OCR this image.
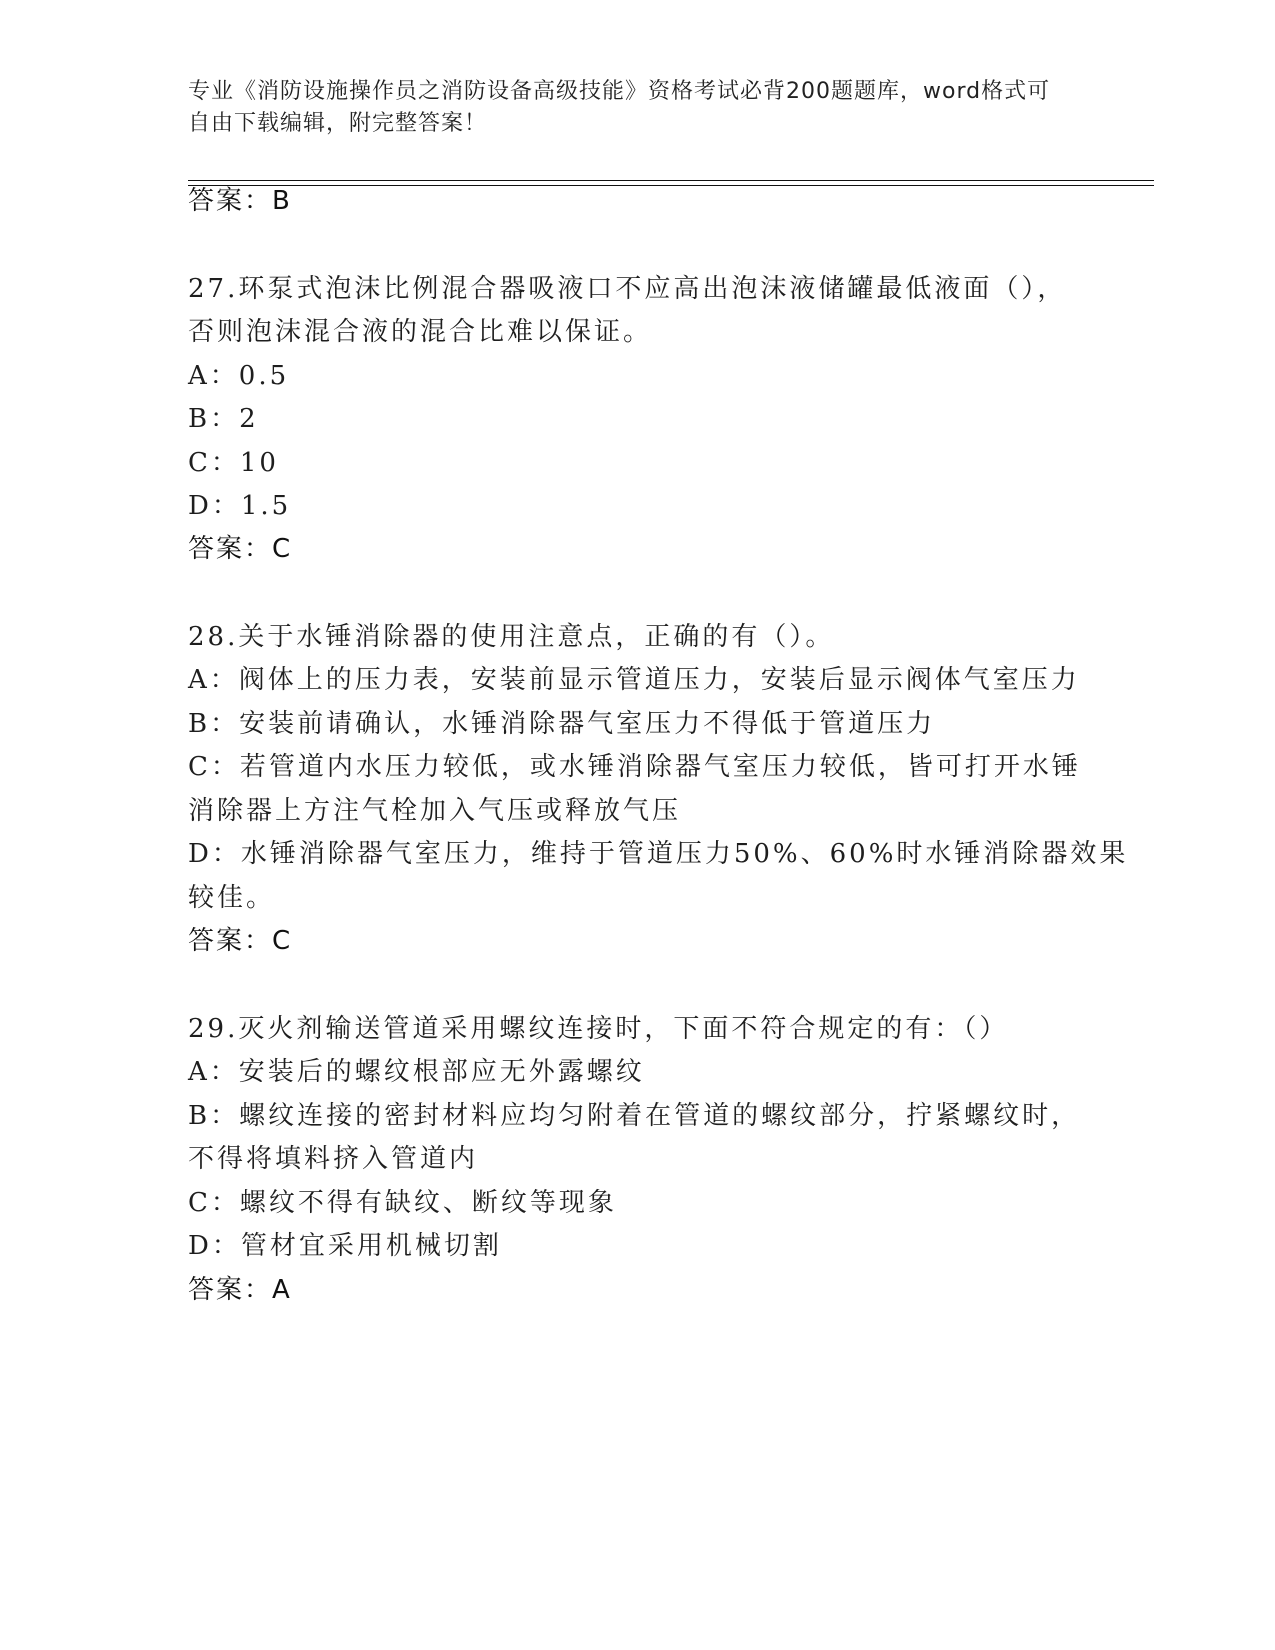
专业《消防设施操作员之消防设备高级技能》资格考试必背200题题库，word格式可自由下载编辑，附完整答案！
答案：B
27.环泵式泡沫比例混合器吸液口不应高出泡沫液储罐最低液面（），
否则泡沫混合液的混合比难以保证。
A：0.5
B：2
C：10
D：1.5
答案：C
28.关于水锤消除器的使用注意点，正确的有（）。
A：阀体上的压力表，安装前显示管道压力，安装后显示阀体气室压力
B：安装前请确认，水锤消除器气室压力不得低于管道压力
C：若管道内水压力较低，或水锤消除器气室压力较低，皆可打开水锤
消除器上方注气栓加入气压或释放气压
D：水锤消除器气室压力，维持于管道压力50%、60%时水锤消除器效果
较佳。
答案：C
29.灭火剂输送管道采用螺纹连接时，下面不符合规定的有：（）
A：安装后的螺纹根部应无外露螺纹
B：螺纹连接的密封材料应均匀附着在管道的螺纹部分，拧紧螺纹时，
不得将填料挤入管道内
C：螺纹不得有缺纹、断纹等现象
D：管材宜采用机械切割
答案：A
